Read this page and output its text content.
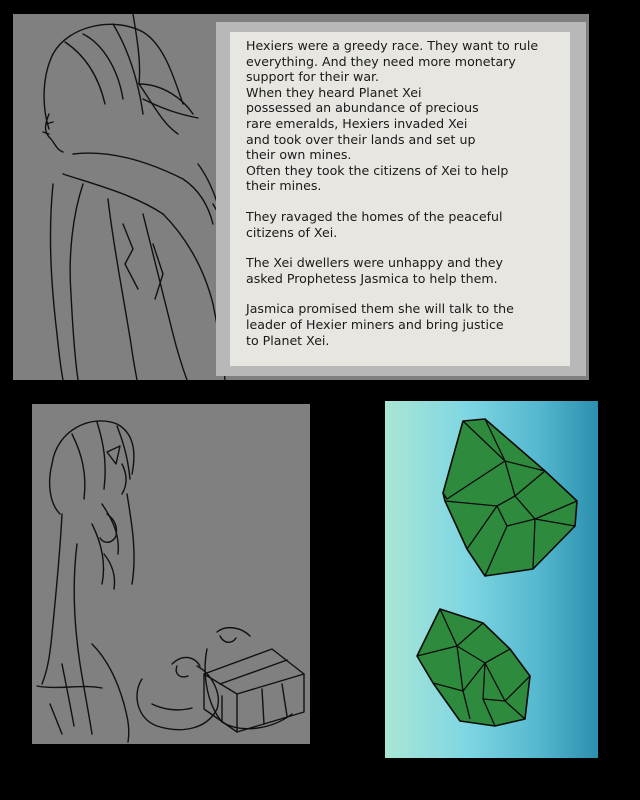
Hexiers were a greedy race. They want to rule
everything. And they need more monetary
support for their war.
When they heard Planet Xei
possessed an abundance of precious
rare emeralds, Hexiers invaded Xei
and took over their lands and set up
their own mines.
Often they took the citizens of Xei to help
their mines.

They ravaged the homes of the peaceful
citizens of Xei.

The Xei dwellers were unhappy and they
asked Prophetess Jasmica to help them.

Jasmica promised them she will talk to the
leader of Hexier miners and bring justice
to Planet Xei.
